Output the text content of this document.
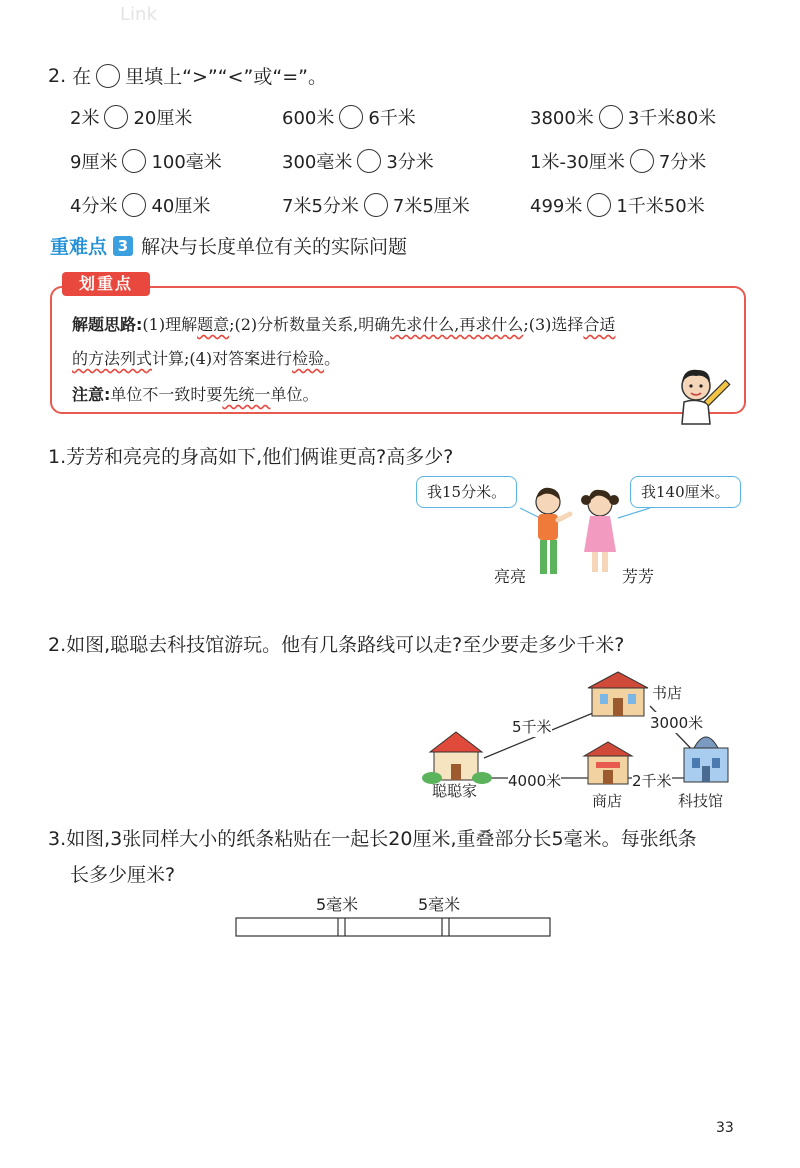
Link
2. 在 里填上“>”“<”或“=”。
2米 20厘米	600米 6千米	3800米 3千米80米
9厘米 100毫米	300毫米 3分米	1米-30厘米 7分米
4分米 40厘米	7米5分米 7米5厘米	499米 1千米50米
重难点 3 解决与长度单位有关的实际问题
划重点
解题思路:(1)理解题意;(2)分析数量关系,明确先求什么,再求什么;(3)选择合适
的方法列式计算;(4)对答案进行检验。
注意:单位不一致时要先统一单位。
1.芳芳和亮亮的身高如下,他们俩谁更高?高多少?
我15分米。	我140厘米。
亮亮	芳芳
2.如图,聪聪去科技馆游玩。他有几条路线可以走?至少要走多少千米?
5千米	3000米
4000米	2千米
书店
聪聪家
商店	科技馆
3.如图,3张同样大小的纸条粘贴在一起长20厘米,重叠部分长5毫米。每张纸条
长多少厘米?
5毫米	5毫米
33
